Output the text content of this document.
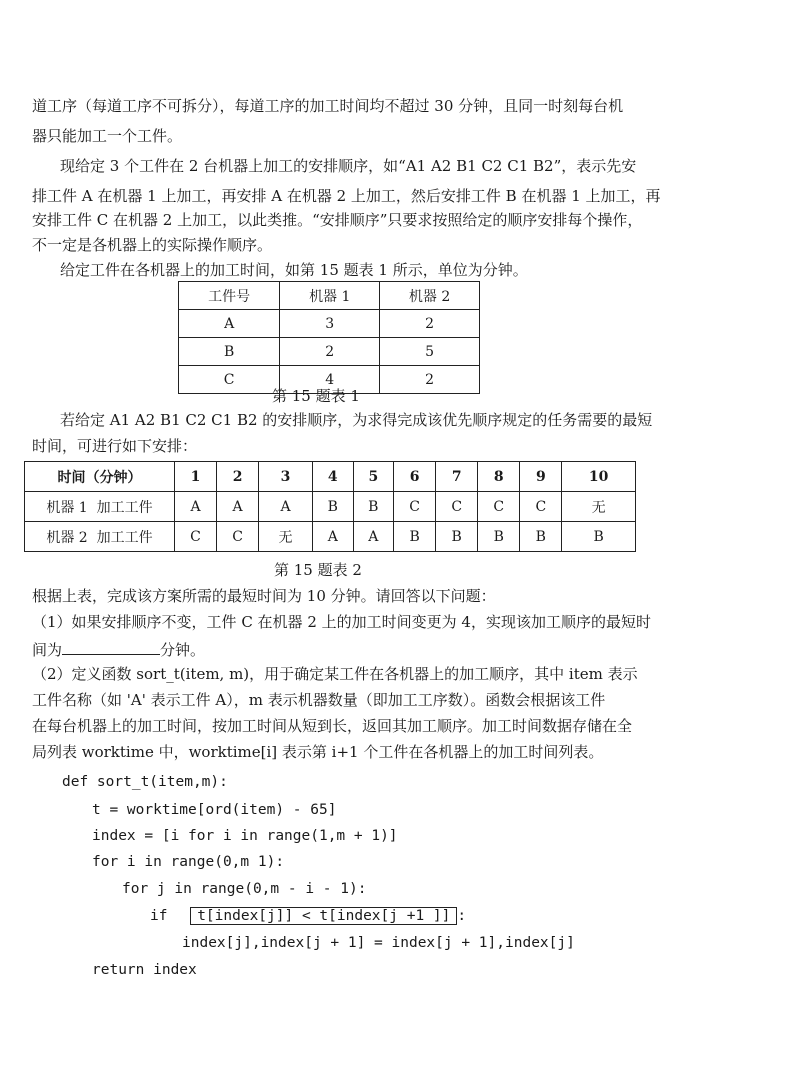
道工序（每道工序不可拆分），每道工序的加工时间均不超过 30 分钟，且同一时刻每台机
器只能加工一个工件。
现给定 3 个工件在 2 台机器上加工的安排顺序，如“A1 A2 B1 C2 C1 B2”，表示先安
排工件 A 在机器 1 上加工，再安排 A 在机器 2 上加工，然后安排工件 B 在机器 1 上加工，再
安排工件 C 在机器 2 上加工，以此类推。“安排顺序”只要求按照给定的顺序安排每个操作，
不一定是各机器上的实际操作顺序。
给定工件在各机器上的加工时间，如第 15 题表 1 所示，单位为分钟。
工件号	机器 1	机器 2
A	3	2
B	2	5
C	4	2
第 15 题表 1
若给定 A1 A2 B1 C2 C1 B2 的安排顺序，为求得完成该优先顺序规定的任务需要的最短
时间，可进行如下安排：
时间（分钟）	1	2	3	4	5	6	7	8	9	10
机器 1  加工工件	A	A	A	B	B	C	C	C	C	无
机器 2  加工工件	C	C	无	A	A	B	B	B	B	B
第 15 题表 2
根据上表，完成该方案所需的最短时间为 10 分钟。请回答以下问题：
（1）如果安排顺序不变，工件 C 在机器 2 上的加工时间变更为 4，实现该加工顺序的最短时
间为	分钟。
（2）定义函数 sort_t(item, m)，用于确定某工件在各机器上的加工顺序，其中 item 表示
工件名称（如 'A' 表示工件 A），m 表示机器数量（即加工工序数）。函数会根据该工件
在每台机器上的加工时间，按加工时间从短到长，返回其加工顺序。加工时间数据存储在全
局列表 worktime 中，worktime[i] 表示第 i+1 个工件在各机器上的加工时间列表。
def sort_t(item,m):
t = worktime[ord(item) - 65]
index = [i for i in range(1,m + 1)]
for i in range(0,m 1):
for j in range(0,m - i - 1):
if t[index[j]] < t[index[j +1 ]] :
index[j],index[j + 1] = index[j + 1],index[j]
return index
